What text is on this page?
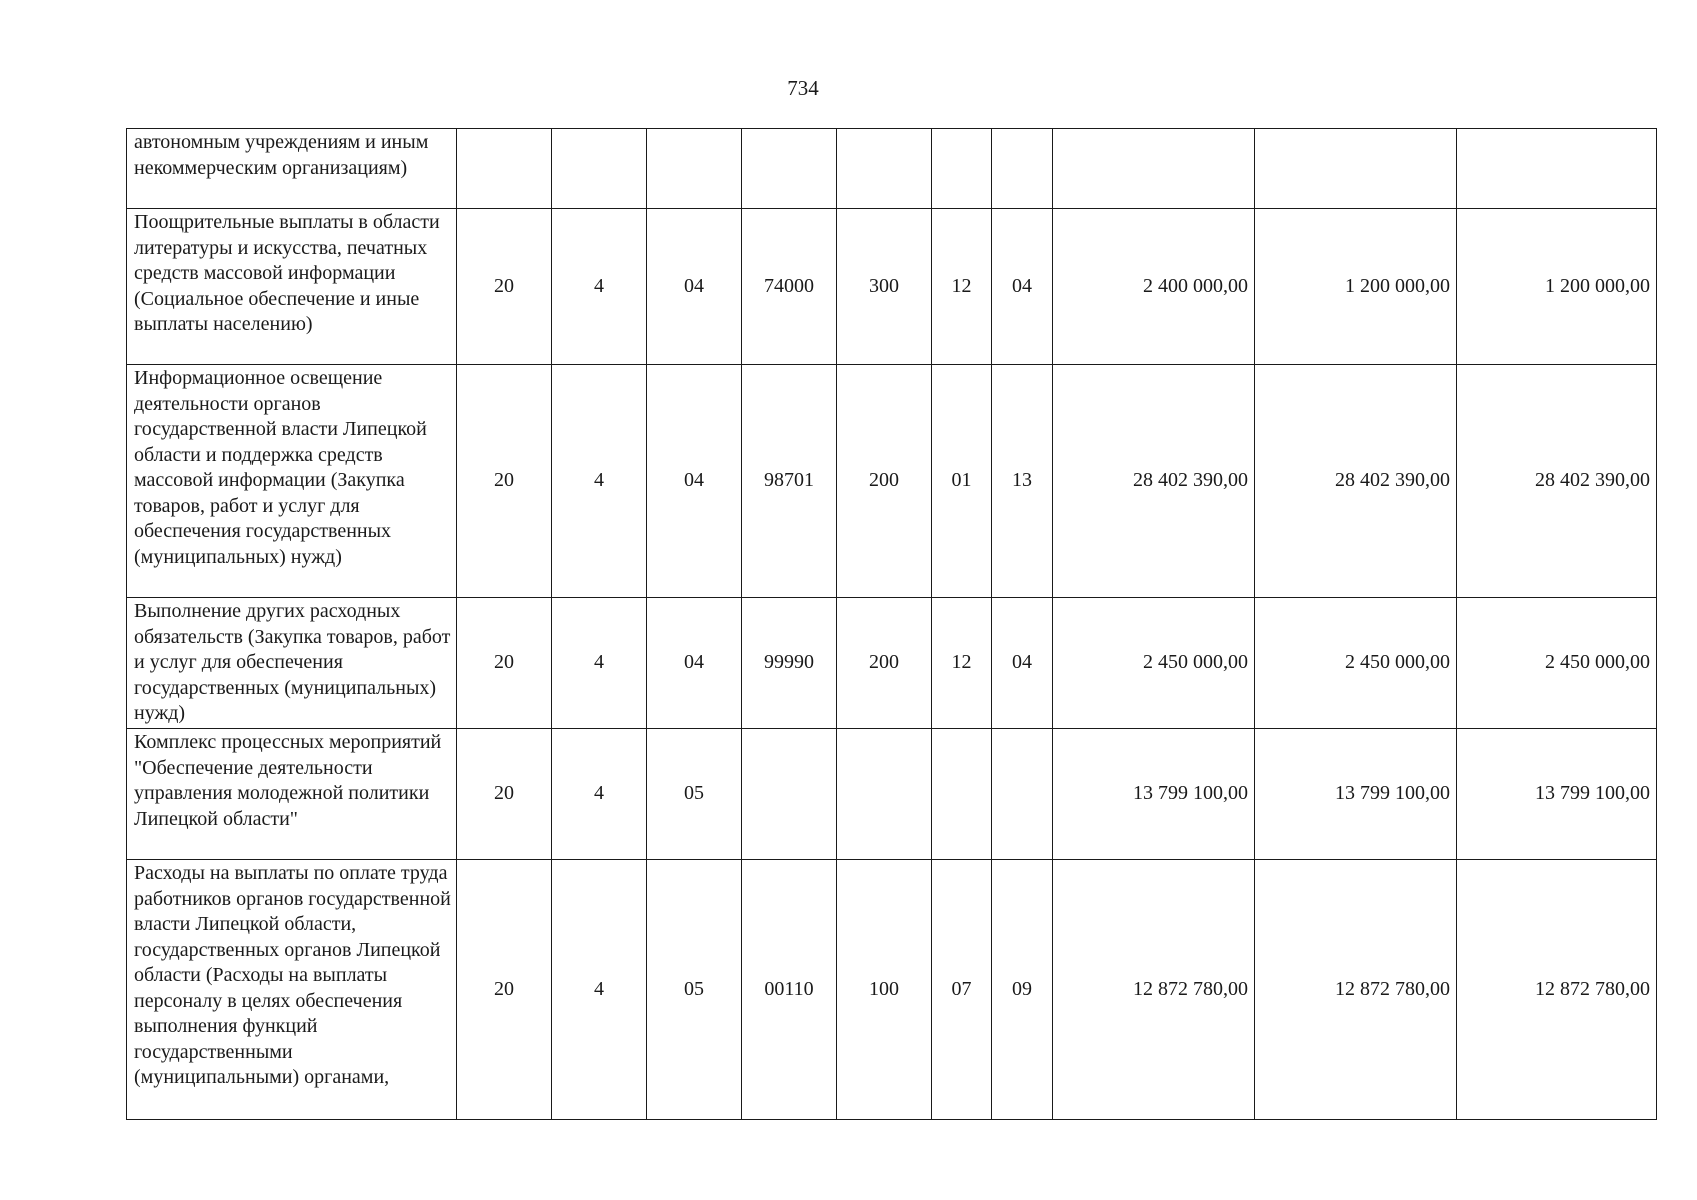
734
автономным учреждениям и иным некоммерческим организациям)										
Поощрительные выплаты в области литературы и искусства, печатных средств массовой информации (Социальное обеспечение и иные выплаты населению)	20	4	04	74000	300	12	04	2 400 000,00	1 200 000,00	1 200 000,00
Информационное освещение деятельности органов государственной власти Липецкой области и поддержка средств массовой информации (Закупка товаров, работ и услуг для обеспечения государственных (муниципальных) нужд)	20	4	04	98701	200	01	13	28 402 390,00	28 402 390,00	28 402 390,00
Выполнение других расходных обязательств (Закупка товаров, работ и услуг для обеспечения государственных (муниципальных) нужд)	20	4	04	99990	200	12	04	2 450 000,00	2 450 000,00	2 450 000,00
Комплекс процессных мероприятий "Обеспечение деятельности управления молодежной политики Липецкой области"	20	4	05					13 799 100,00	13 799 100,00	13 799 100,00
Расходы на выплаты по оплате труда работников органов государственной власти Липецкой области, государственных органов Липецкой области (Расходы на выплаты персоналу в целях обеспечения выполнения функций государственными (муниципальными) органами,	20	4	05	00110	100	07	09	12 872 780,00	12 872 780,00	12 872 780,00
